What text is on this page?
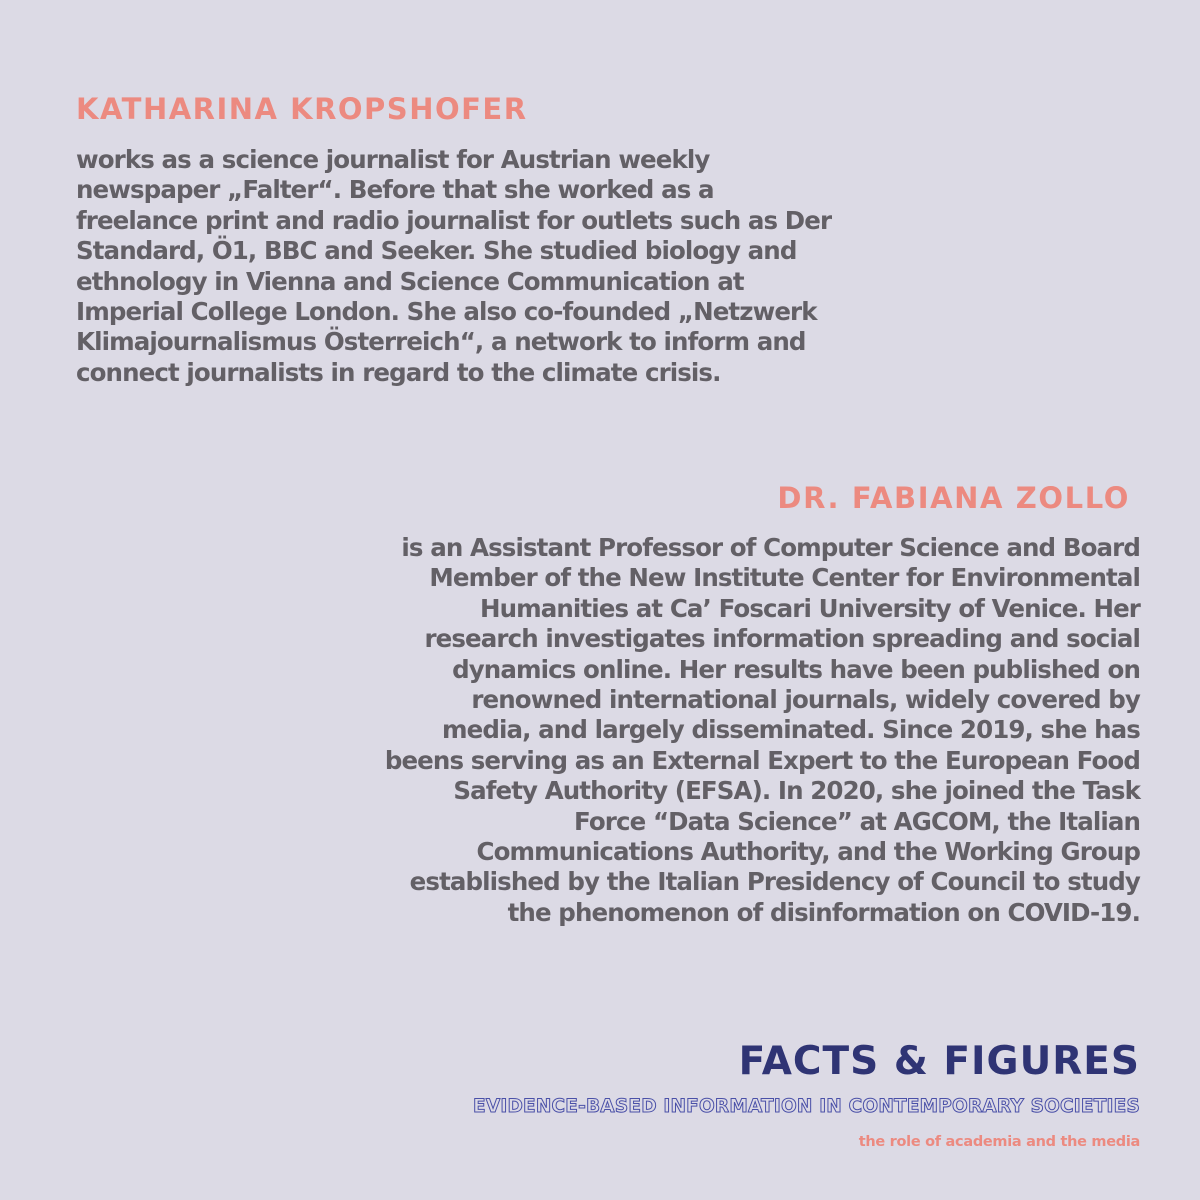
KATHARINA KROPSHOFER

works as a science journalist for Austrian weekly
newspaper „Falter“. Before that she worked as a
freelance print and radio journalist for outlets such as Der
Standard, Ö1, BBC and Seeker. She studied biology and
ethnology in Vienna and Science Communication at
Imperial College London. She also co-founded „Netzwerk
Klimajournalismus Österreich“, a network to inform and
connect journalists in regard to the climate crisis.

DR. FABIANA ZOLLO

is an Assistant Professor of Computer Science and Board
Member of the New Institute Center for Environmental
Humanities at Ca’ Foscari University of Venice. Her
research investigates information spreading and social
dynamics online. Her results have been published on
renowned international journals, widely covered by
media, and largely disseminated. Since 2019, she has
beens serving as an External Expert to the European Food
Safety Authority (EFSA). In 2020, she joined the Task
Force “Data Science” at AGCOM, the Italian
Communications Authority, and the Working Group
established by the Italian Presidency of Council to study
the phenomenon of disinformation on COVID-19.

FACTS & FIGURES
EVIDENCE-BASED INFORMATION IN CONTEMPORARY SOCIETIES
the role of academia and the media
